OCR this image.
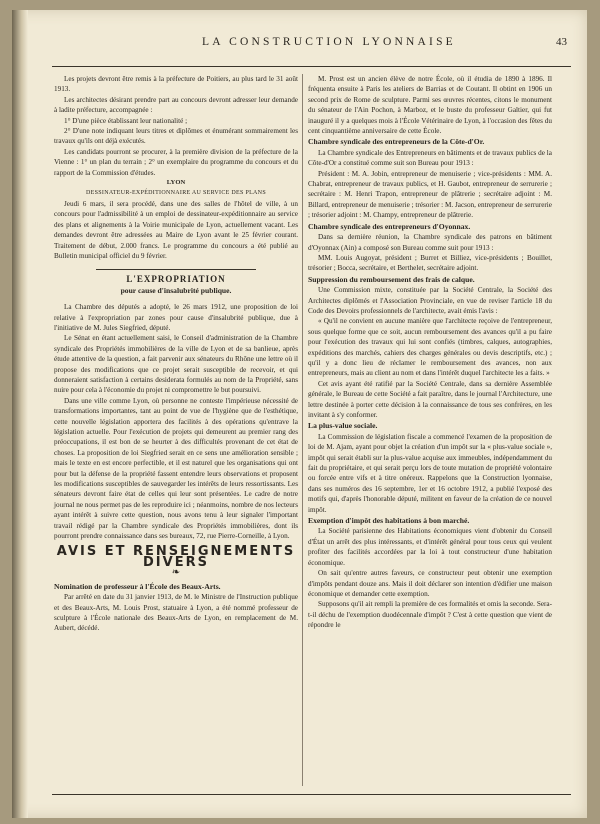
LA CONSTRUCTION LYONNAISE	43

Les projets devront être remis à la préfecture de Poitiers, au plus tard le 31 août 1913.

Les architectes désirant prendre part au concours devront adresser leur demande à ladite préfecture, accompagnée :

1° D'une pièce établissant leur nationalité ;

2° D'une note indiquant leurs titres et diplômes et énumérant sommairement les travaux qu'ils ont déjà exécutés.

Les candidats pourront se procurer, à la première division de la préfecture de la Vienne : 1° un plan du terrain ; 2° un exemplaire du programme du concours et du rapport de la Commission d'études.

LYON

DESSINATEUR-EXPÉDITIONNAIRE AU SERVICE DES PLANS

Jeudi 6 mars, il sera procédé, dans une des salles de l'hôtel de ville, à un concours pour l'admissibilité à un emploi de dessinateur-expéditionnaire au service des plans et alignements à la Voirie municipale de Lyon, actuellement vacant. Les demandes devront être adressées au Maire de Lyon avant le 25 février courant. Traitement de début, 2.000 francs. Le programme du concours a été publié au Bulletin municipal officiel du 9 février.

L'EXPROPRIATION

pour cause d'insalubrité publique.

La Chambre des députés a adopté, le 26 mars 1912, une proposition de loi relative à l'expropriation par zones pour cause d'insalubrité publique, due à l'initiative de M. Jules Siegfried, député.

Le Sénat en étant actuellement saisi, le Conseil d'administration de la Chambre syndicale des Propriétés immobilières de la ville de Lyon et de sa banlieue, après étude attentive de la question, a fait parvenir aux sénateurs du Rhône une lettre où il propose des modifications que ce projet serait susceptible de recevoir, et qui donneraient satisfaction à certains desiderata formulés au nom de la Propriété, sans nuire pour cela à l'économie du projet ni compromettre le but poursuivi.

Dans une ville comme Lyon, où personne ne conteste l'impérieuse nécessité de transformations importantes, tant au point de vue de l'hygiène que de l'esthétique, cette nouvelle législation apportera des facilités à des opérations qu'entrave la législation actuelle. Pour l'exécution de projets qui demeurent au premier rang des préoccupations, il est bon de se heurter à des difficultés provenant de cet état de choses. La proposition de loi Siegfried serait en ce sens une amélioration sensible ; mais le texte en est encore perfectible, et il est naturel que les organisations qui ont pour but la défense de la propriété fassent entendre leurs observations et proposent les modifications susceptibles de sauvegarder les intérêts de leurs ressortissants. Les sénateurs devront faire état de celles qui leur sont présentées. Le cadre de notre journal ne nous permet pas de les reproduire ici ; néanmoins, nombre de nos lecteurs ayant intérêt à suivre cette question, nous avons tenu à leur signaler l'important travail rédigé par la Chambre syndicale des Propriétés immobilières, dont ils pourront prendre connaissance dans ses bureaux, 72, rue Pierre-Corneille, à Lyon.

AVIS ET RENSEIGNEMENTS DIVERS

❧

Nomination de professeur à l'École des Beaux-Arts.

Par arrêté en date du 31 janvier 1913, de M. le Ministre de l'Instruction publique et des Beaux-Arts, M. Louis Prost, statuaire à Lyon, a été nommé professeur de sculpture à l'École nationale des Beaux-Arts de Lyon, en remplacement de M. Aubert, décédé.

M. Prost est un ancien élève de notre École, où il étudia de 1890 à 1896. Il fréquenta ensuite à Paris les ateliers de Barrias et de Coutant. Il obtint en 1906 un second prix de Rome de sculpture. Parmi ses œuvres récentes, citons le monument du sénateur de l'Ain Pochon, à Marboz, et le buste du professeur Galtier, qui fut inauguré il y a quelques mois à l'École Vétérinaire de Lyon, à l'occasion des fêtes du cent cinquantième anniversaire de cette École.

Chambre syndicale des entrepreneurs de la Côte-d'Or.

La Chambre syndicale des Entrepreneurs en bâtiments et de travaux publics de la Côte-d'Or a constitué comme suit son Bureau pour 1913 :

Président : M. A. Jobin, entrepreneur de menuiserie ; vice-présidents : MM. A. Chabrat, entrepreneur de travaux publics, et H. Gaubot, entrepreneur de serrurerie ; secrétaire : M. Henri Trapon, entrepreneur de plâtrerie ; secrétaire adjoint : M. Billard, entrepreneur de menuiserie ; trésorier : M. Jacson, entrepreneur de serrurerie ; trésorier adjoint : M. Champy, entrepreneur de plâtrerie.

Chambre syndicale des entrepreneurs d'Oyonnax.

Dans sa dernière réunion, la Chambre syndicale des patrons en bâtiment d'Oyonnax (Ain) a composé son Bureau comme suit pour 1913 :

MM. Louis Augoyat, président ; Burret et Billiez, vice-présidents ; Bouillet, trésorier ; Bocca, secrétaire, et Berthelet, secrétaire adjoint.

Suppression du remboursement des frais de calque.

Une Commission mixte, constituée par la Société Centrale, la Société des Architectes diplômés et l'Association Provinciale, en vue de reviser l'article 18 du Code des Devoirs professionnels de l'architecte, avait émis l'avis :

« Qu'il ne convient en aucune manière que l'architecte reçoive de l'entrepreneur, sous quelque forme que ce soit, aucun remboursement des avances qu'il a pu faire pour l'exécution des travaux qui lui sont confiés (timbres, calques, autographies, expéditions des marchés, cahiers des charges générales ou devis descriptifs, etc.) ; qu'il y a donc lieu de réclamer le remboursement des avances, non aux entrepreneurs, mais au client au nom et dans l'intérêt duquel l'architecte les a faits. »

Cet avis ayant été ratifié par la Société Centrale, dans sa dernière Assemblée générale, le Bureau de cette Société a fait paraître, dans le journal l'Architecture, une lettre destinée à porter cette décision à la connaissance de tous ses confrères, en les invitant à s'y conformer.

La plus-value sociale.

La Commission de législation fiscale a commencé l'examen de la proposition de loi de M. Ajam, ayant pour objet la création d'un impôt sur la « plus-value sociale », impôt qui serait établi sur la plus-value acquise aux immeubles, indépendamment du fait du propriétaire, et qui serait perçu lors de toute mutation de propriété volontaire ou forcée entre vifs et à titre onéreux. Rappelons que la Construction lyonnaise, dans ses numéros des 16 septembre, 1er et 16 octobre 1912, a publié l'exposé des motifs qui, d'après l'honorable député, militent en faveur de la création de ce nouvel impôt.

Exemption d'impôt des habitations à bon marché.

La Société parisienne des Habitations économiques vient d'obtenir du Conseil d'État un arrêt des plus intéressants, et d'intérêt général pour tous ceux qui veulent profiter des facilités accordées par la loi à tout constructeur d'une habitation économique.

On sait qu'entre autres faveurs, ce constructeur peut obtenir une exemption d'impôts pendant douze ans. Mais il doit déclarer son intention d'édifier une maison économique et demander cette exemption.

Supposons qu'il ait rempli la première de ces formalités et omis la seconde. Sera-t-il déchu de l'exemption duodécennale d'impôt ? C'est à cette question que vient de répondre le
